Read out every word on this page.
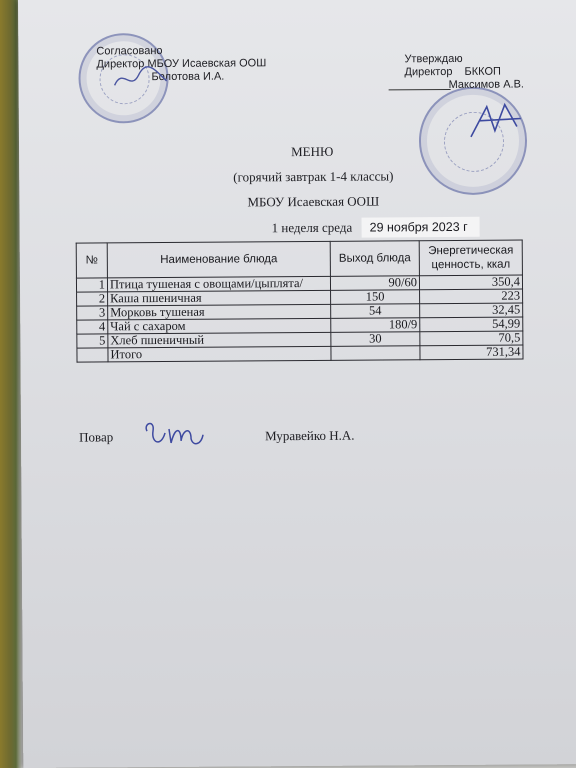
Согласовано
Директор МБОУ Исаевская ООШ
Болотова И.А.
Утверждаю
Директор БККОП
Максимов А.В.
МЕНЮ
(горячий завтрак 1-4 классы)
МБОУ Исаевская ООШ
1 неделя среда	29 ноября 2023 г
№	Наименование блюда	Выход блюда	Энергетическая ценность, ккал
1	Птица тушеная с овощами/цыплята/	90/60	350,4
2	Каша пшеничная	150	223
3	Морковь тушеная	54	32,45
4	Чай с сахаром	180/9	54,99
5	Хлеб пшеничный	30	70,5
	Итого		731,34
Повар	Муравейко Н.А.
